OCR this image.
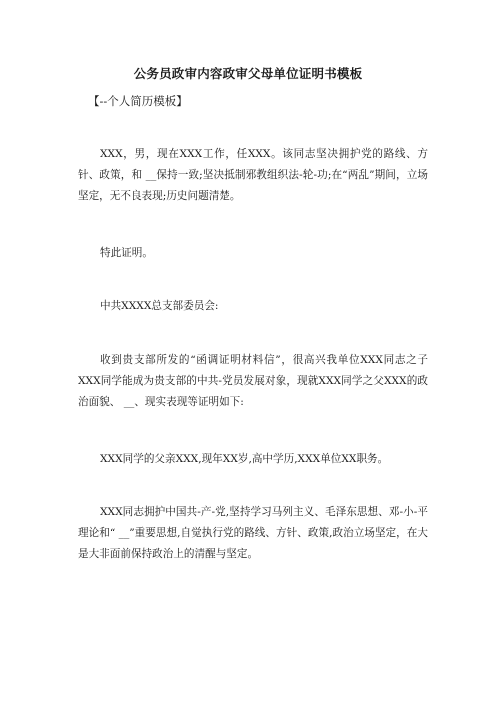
公务员政审内容政审父母单位证明书模板

【--个人简历模板】

XXX，男，现在XXX工作，任XXX。该同志坚决拥护党的路线、方针、政策，和 __保持一致;坚决抵制邪教组织法-轮-功;在“两乱”期间，立场坚定，无不良表现;历史问题清楚。

特此证明。

中共XXXX总支部委员会:

收到贵支部所发的“函调证明材料信”，很高兴我单位XXX同志之子XXX同学能成为贵支部的中共-党员发展对象，现就XXX同学之父XXX的政治面貌、 __、现实表现等证明如下:

XXX同学的父亲XXX,现年XX岁,高中学历,XXX单位XX职务。

XXX同志拥护中国共-产-党,坚持学习马列主义、毛泽东思想、邓-小-平理论和“ __”重要思想,自觉执行党的路线、方针、政策,政治立场坚定，在大是大非面前保持政治上的清醒与坚定。
